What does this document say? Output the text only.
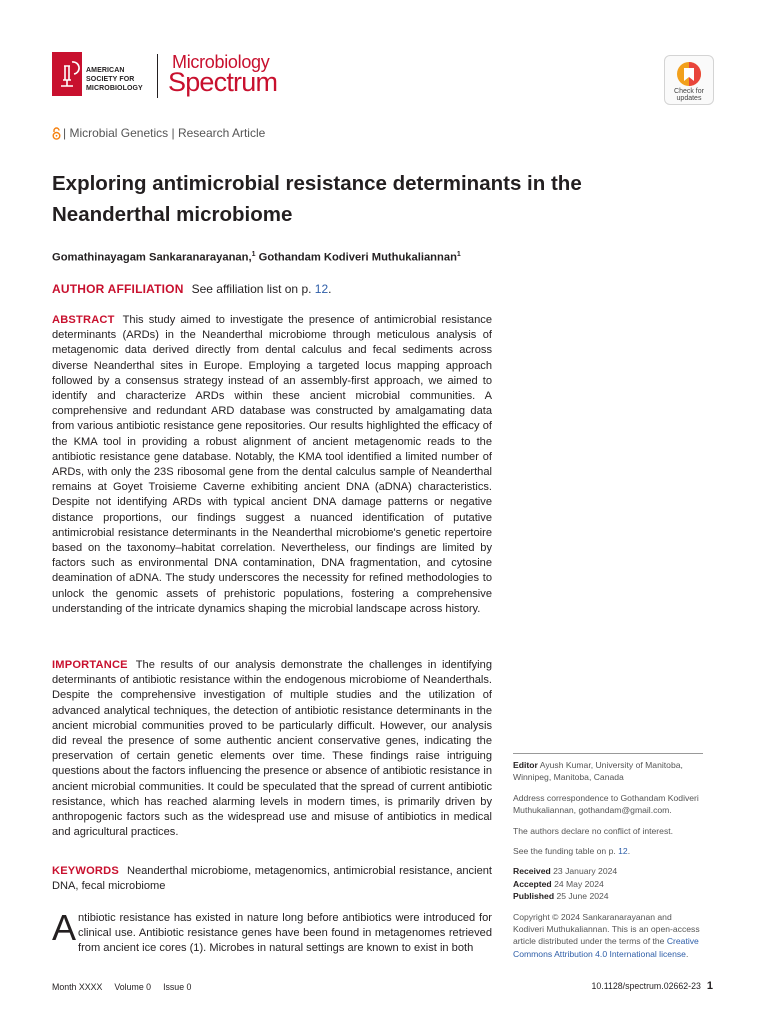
AMERICAN
SOCIETY FOR
MICROBIOLOGY
Microbiology
Spectrum	Check for
updates
| Microbial Genetics | Research Article
Exploring antimicrobial resistance determinants in the Neanderthal microbiome
Gomathinayagam Sankaranarayanan,$^1$ Gothandam Kodiveri Muthukaliannan$^1$
AUTHOR AFFILIATION See affiliation list on p. 12.
ABSTRACT This study aimed to investigate the presence of antimicrobial resistance determinants (ARDs) in the Neanderthal microbiome through meticulous analysis of metagenomic data derived directly from dental calculus and fecal sediments across diverse Neanderthal sites in Europe. Employing a targeted locus mapping approach followed by a consensus strategy instead of an assembly-first approach, we aimed to identify and characterize ARDs within these ancient microbial communities. A comprehensive and redundant ARD database was constructed by amalgamating data from various antibiotic resistance gene repositories. Our results highlighted the efficacy of the KMA tool in providing a robust alignment of ancient metagenomic reads to the antibiotic resistance gene database. Notably, the KMA tool identified a limited number of ARDs, with only the 23S ribosomal gene from the dental calculus sample of Neanderthal remains at Goyet Troisieme Caverne exhibiting ancient DNA (aDNA) characteristics. Despite not identifying ARDs with typical ancient DNA damage patterns or negative distance proportions, our findings suggest a nuanced identification of putative antimicrobial resistance determinants in the Neanderthal microbiome's genetic repertoire based on the taxonomy–habitat correlation. Nevertheless, our findings are limited by factors such as environmental DNA contamination, DNA fragmentation, and cytosine deamination of aDNA. The study underscores the necessity for refined methodologies to unlock the genomic assets of prehistoric populations, fostering a comprehensive understanding of the intricate dynamics shaping the microbial landscape across history.
IMPORTANCE The results of our analysis demonstrate the challenges in identifying determinants of antibiotic resistance within the endogenous microbiome of Neanderthals. Despite the comprehensive investigation of multiple studies and the utilization of advanced analytical techniques, the detection of antibiotic resistance determinants in the ancient microbial communities proved to be particularly difficult. However, our analysis did reveal the presence of some authentic ancient conservative genes, indicating the preservation of certain genetic elements over time. These findings raise intriguing questions about the factors influencing the presence or absence of antibiotic resistance in ancient microbial communities. It could be speculated that the spread of current antibiotic resistance, which has reached alarming levels in modern times, is primarily driven by anthropogenic factors such as the widespread use and misuse of antibiotics in medical and agricultural practices.
KEYWORDS Neanderthal microbiome, metagenomics, antimicrobial resistance, ancient DNA, fecal microbiome
Antibiotic resistance has existed in nature long before antibiotics were introduced for clinical use. Antibiotic resistance genes have been found in metagenomes retrieved from ancient ice cores (1). Microbes in natural settings are known to exist in both
Editor Ayush Kumar, University of Manitoba, Winnipeg, Manitoba, Canada
Address correspondence to Gothandam Kodiveri Muthukaliannan, gothandam@gmail.com.
The authors declare no conflict of interest.
See the funding table on p. 12.
Received 23 January 2024
Accepted 24 May 2024
Published 25 June 2024
Copyright © 2024 Sankaranarayanan and Kodiveri Muthukaliannan. This is an open-access article distributed under the terms of the Creative Commons Attribution 4.0 International license.
Month XXXX Volume 0 Issue 0	10.1128/spectrum.02662-23 1
